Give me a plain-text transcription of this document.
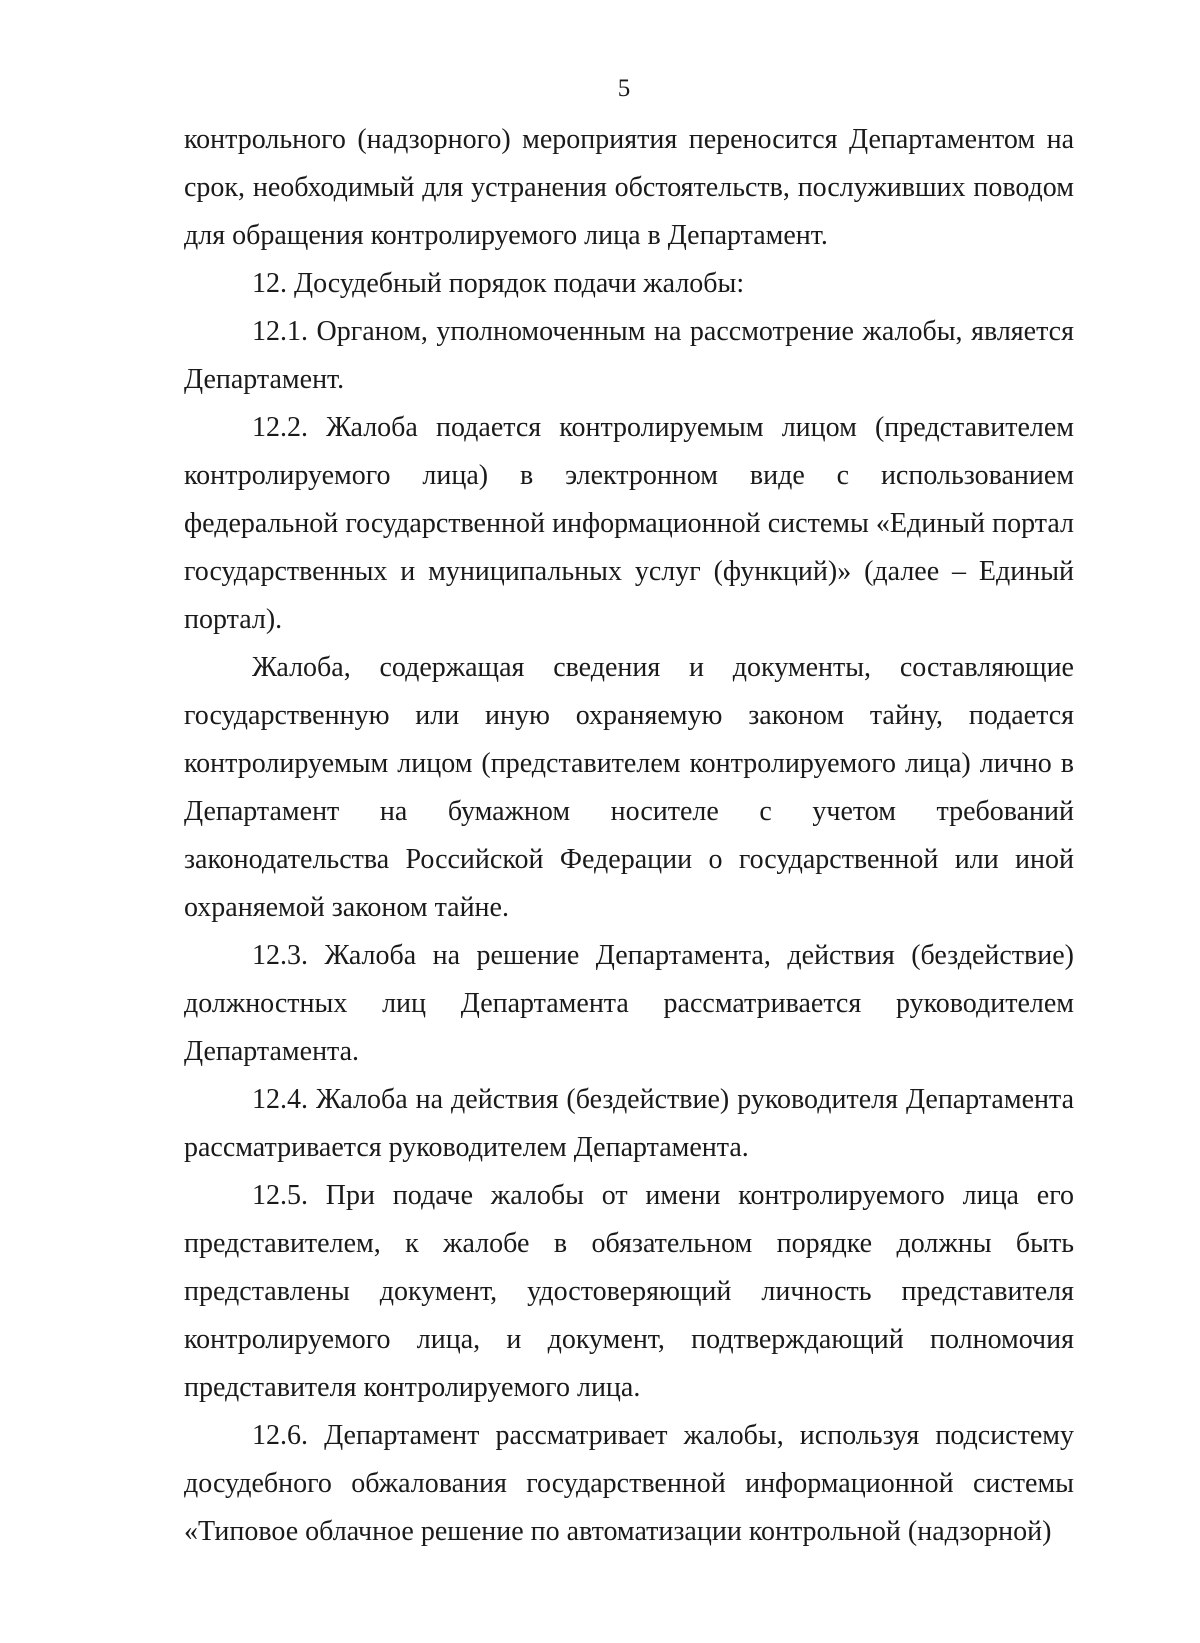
5

контрольного (надзорного) мероприятия переносится Департаментом на срок, необходимый для устранения обстоятельств, послуживших поводом для обращения контролируемого лица в Департамент.

12. Досудебный порядок подачи жалобы:

12.1. Органом, уполномоченным на рассмотрение жалобы, является Департамент.

12.2. Жалоба подается контролируемым лицом (представителем контролируемого лица) в электронном виде с использованием федеральной государственной информационной системы «Единый портал государственных и муниципальных услуг (функций)» (далее – Единый портал).

Жалоба, содержащая сведения и документы, составляющие государственную или иную охраняемую законом тайну, подается контролируемым лицом (представителем контролируемого лица) лично в Департамент на бумажном носителе с учетом требований законодательства Российской Федерации о государственной или иной охраняемой законом тайне.

12.3. Жалоба на решение Департамента, действия (бездействие) должностных лиц Департамента рассматривается руководителем Департамента.

12.4. Жалоба на действия (бездействие) руководителя Департамента рассматривается руководителем Департамента.

12.5. При подаче жалобы от имени контролируемого лица его представителем, к жалобе в обязательном порядке должны быть представлены документ, удостоверяющий личность представителя контролируемого лица, и документ, подтверждающий полномочия представителя контролируемого лица.

12.6. Департамент рассматривает жалобы, используя подсистему досудебного обжалования государственной информационной системы «Типовое облачное решение по автоматизации контрольной (надзорной)
